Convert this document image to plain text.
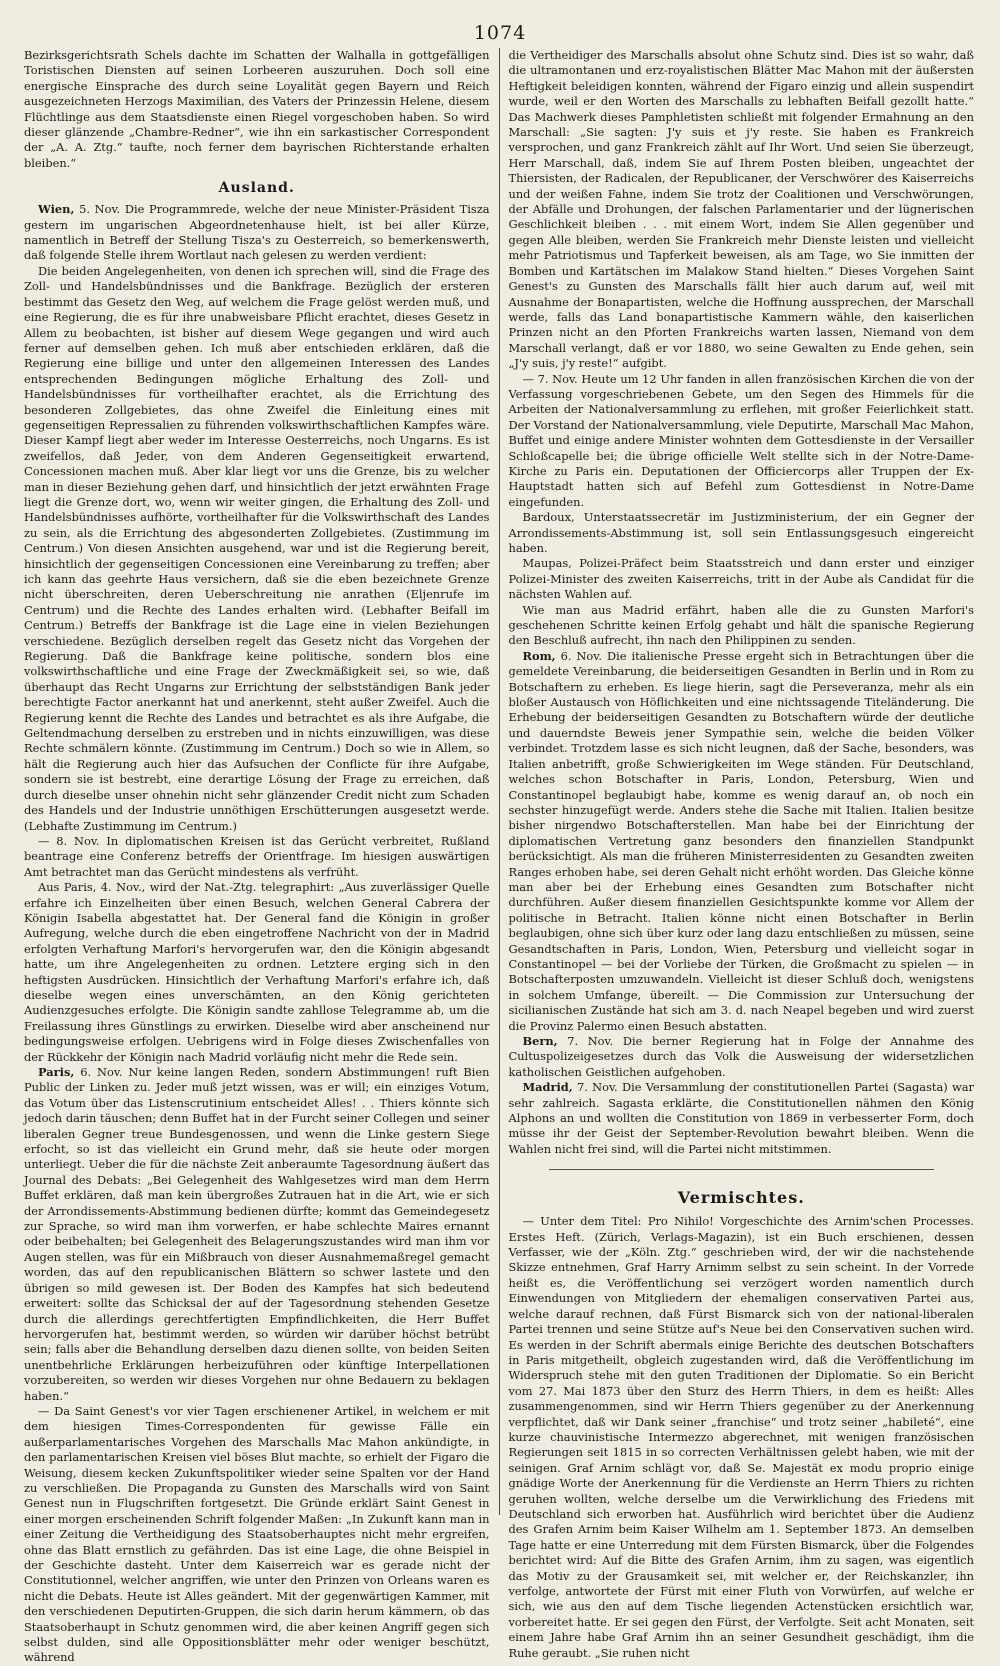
1074

Bezirksgerichtsrath Schels dachte im Schatten der Walhalla in gottgefälligen Toristischen Diensten auf seinen Lorbeeren auszuruhen. Doch soll eine energische Einsprache des durch seine Loyalität gegen Bayern und Reich ausgezeichneten Herzogs Maximilian, des Vaters der Prinzessin Helene, diesem Flüchtlinge aus dem Staatsdienste einen Riegel vorgeschoben haben. So wird dieser glänzende „Chambre-Redner“, wie ihn ein sarkastischer Correspondent der „A. A. Ztg.“ taufte, noch ferner dem bayrischen Richterstande erhalten bleiben.“

Ausland.

Wien, 5. Nov. Die Programmrede, welche der neue Minister-Präsident Tisza gestern im ungarischen Abgeordnetenhause hielt, ist bei aller Kürze, namentlich in Betreff der Stellung Tisza's zu Oesterreich, so bemerkenswerth, daß folgende Stelle ihrem Wortlaut nach gelesen zu werden verdient:

Die beiden Angelegenheiten, von denen ich sprechen will, sind die Frage des Zoll- und Handelsbündnisses und die Bankfrage. Bezüglich der ersteren bestimmt das Gesetz den Weg, auf welchem die Frage gelöst werden muß, und eine Regierung, die es für ihre unabweisbare Pflicht erachtet, dieses Gesetz in Allem zu beobachten, ist bisher auf diesem Wege gegangen und wird auch ferner auf demselben gehen. Ich muß aber entschieden erklären, daß die Regierung eine billige und unter den allgemeinen Interessen des Landes entsprechenden Bedingungen mögliche Erhaltung des Zoll- und Handelsbündnisses für vortheilhafter erachtet, als die Errichtung des besonderen Zollgebietes, das ohne Zweifel die Einleitung eines mit gegenseitigen Repressalien zu führenden volkswirthschaftlichen Kampfes wäre. Dieser Kampf liegt aber weder im Interesse Oesterreichs, noch Ungarns. Es ist zweifellos, daß Jeder, von dem Anderen Gegenseitigkeit erwartend, Concessionen machen muß. Aber klar liegt vor uns die Grenze, bis zu welcher man in dieser Beziehung gehen darf, und hinsichtlich der jetzt erwähnten Frage liegt die Grenze dort, wo, wenn wir weiter gingen, die Erhaltung des Zoll- und Handelsbündnisses aufhörte, vortheilhafter für die Volkswirthschaft des Landes zu sein, als die Errichtung des abgesonderten Zollgebietes. (Zustimmung im Centrum.) Von diesen Ansichten ausgehend, war und ist die Regierung bereit, hinsichtlich der gegenseitigen Concessionen eine Vereinbarung zu treffen; aber ich kann das geehrte Haus versichern, daß sie die eben bezeichnete Grenze nicht überschreiten, deren Ueberschreitung nie anrathen (Eljenrufe im Centrum) und die Rechte des Landes erhalten wird. (Lebhafter Beifall im Centrum.) Betreffs der Bankfrage ist die Lage eine in vielen Beziehungen verschiedene. Bezüglich derselben regelt das Gesetz nicht das Vorgehen der Regierung. Daß die Bankfrage keine politische, sondern blos eine volkswirthschaftliche und eine Frage der Zweckmäßigkeit sei, so wie, daß überhaupt das Recht Ungarns zur Errichtung der selbstständigen Bank jeder berechtigte Factor anerkannt hat und anerkennt, steht außer Zweifel. Auch die Regierung kennt die Rechte des Landes und betrachtet es als ihre Aufgabe, die Geltendmachung derselben zu erstreben und in nichts einzuwilligen, was diese Rechte schmälern könnte. (Zustimmung im Centrum.) Doch so wie in Allem, so hält die Regierung auch hier das Aufsuchen der Conflicte für ihre Aufgabe, sondern sie ist bestrebt, eine derartige Lösung der Frage zu erreichen, daß durch dieselbe unser ohnehin nicht sehr glänzender Credit nicht zum Schaden des Handels und der Industrie unnöthigen Erschütterungen ausgesetzt werde. (Lebhafte Zustimmung im Centrum.)

— 8. Nov. In diplomatischen Kreisen ist das Gerücht verbreitet, Rußland beantrage eine Conferenz betreffs der Orientfrage. Im hiesigen auswärtigen Amt betrachtet man das Gerücht mindestens als verfrüht.

Aus Paris, 4. Nov., wird der Nat.-Ztg. telegraphirt: „Aus zuverlässiger Quelle erfahre ich Einzelheiten über einen Besuch, welchen General Cabrera der Königin Isabella abgestattet hat. Der General fand die Königin in großer Aufregung, welche durch die eben eingetroffene Nachricht von der in Madrid erfolgten Verhaftung Marfori's hervorgerufen war, den die Königin abgesandt hatte, um ihre Angelegenheiten zu ordnen. Letztere erging sich in den heftigsten Ausdrücken. Hinsichtlich der Verhaftung Marfori's erfahre ich, daß dieselbe wegen eines unverschämten, an den König gerichteten Audienzgesuches erfolgte. Die Königin sandte zahllose Telegramme ab, um die Freilassung ihres Günstlings zu erwirken. Dieselbe wird aber anscheinend nur bedingungsweise erfolgen. Uebrigens wird in Folge dieses Zwischenfalles von der Rückkehr der Königin nach Madrid vorläufig nicht mehr die Rede sein.

Paris, 6. Nov. Nur keine langen Reden, sondern Abstimmungen! ruft Bien Public der Linken zu. Jeder muß jetzt wissen, was er will; ein einziges Votum, das Votum über das Listenscrutinium entscheidet Alles! . . Thiers könnte sich jedoch darin täuschen; denn Buffet hat in der Furcht seiner Collegen und seiner liberalen Gegner treue Bundesgenossen, und wenn die Linke gestern Siege erfocht, so ist das vielleicht ein Grund mehr, daß sie heute oder morgen unterliegt. Ueber die für die nächste Zeit anberaumte Tagesordnung äußert das Journal des Debats: „Bei Gelegenheit des Wahlgesetzes wird man dem Herrn Buffet erklären, daß man kein übergroßes Zutrauen hat in die Art, wie er sich der Arrondissements-Abstimmung bedienen dürfte; kommt das Gemeindegesetz zur Sprache, so wird man ihm vorwerfen, er habe schlechte Maires ernannt oder beibehalten; bei Gelegenheit des Belagerungszustandes wird man ihm vor Augen stellen, was für ein Mißbrauch von dieser Ausnahmemaßregel gemacht worden, das auf den republicanischen Blättern so schwer lastete und den übrigen so mild gewesen ist. Der Boden des Kampfes hat sich bedeutend erweitert: sollte das Schicksal der auf der Tagesordnung stehenden Gesetze durch die allerdings gerechtfertigten Empfindlichkeiten, die Herr Buffet hervorgerufen hat, bestimmt werden, so würden wir darüber höchst betrübt sein; falls aber die Behandlung derselben dazu dienen sollte, von beiden Seiten unentbehrliche Erklärungen herbeizuführen oder künftige Interpellationen vorzubereiten, so werden wir dieses Vorgehen nur ohne Bedauern zu beklagen haben.“

— Da Saint Genest's vor vier Tagen erschienener Artikel, in welchem er mit dem hiesigen Times-Correspondenten für gewisse Fälle ein außerparlamentarisches Vorgehen des Marschalls Mac Mahon ankündigte, in den parlamentarischen Kreisen viel böses Blut machte, so erhielt der Figaro die Weisung, diesem kecken Zukunftspolitiker wieder seine Spalten vor der Hand zu verschließen. Die Propaganda zu Gunsten des Marschalls wird von Saint Genest nun in Flugschriften fortgesetzt. Die Gründe erklärt Saint Genest in einer morgen erscheinenden Schrift folgender Maßen: „In Zukunft kann man in einer Zeitung die Vertheidigung des Staatsoberhauptes nicht mehr ergreifen, ohne das Blatt ernstlich zu gefährden. Das ist eine Lage, die ohne Beispiel in der Geschichte dasteht. Unter dem Kaiserreich war es gerade nicht der Constitutionnel, welcher angriffen, wie unter den Prinzen von Orleans waren es nicht die Debats. Heute ist Alles geändert. Mit der gegenwärtigen Kammer, mit den verschiedenen Deputirten-Gruppen, die sich darin herum kämmern, ob das Staatsoberhaupt in Schutz genommen wird, die aber keinen Angriff gegen sich selbst dulden, sind alle Oppositionsblätter mehr oder weniger beschützt, während

die Vertheidiger des Marschalls absolut ohne Schutz sind. Dies ist so wahr, daß die ultramontanen und erz-royalistischen Blätter Mac Mahon mit der äußersten Heftigkeit beleidigen konnten, während der Figaro einzig und allein suspendirt wurde, weil er den Worten des Marschalls zu lebhaften Beifall gezollt hatte.“ Das Machwerk dieses Pamphletisten schließt mit folgender Ermahnung an den Marschall: „Sie sagten: J'y suis et j'y reste. Sie haben es Frankreich versprochen, und ganz Frankreich zählt auf Ihr Wort. Und seien Sie überzeugt, Herr Marschall, daß, indem Sie auf Ihrem Posten bleiben, ungeachtet der Thiersisten, der Radicalen, der Republicaner, der Verschwörer des Kaiserreichs und der weißen Fahne, indem Sie trotz der Coalitionen und Verschwörungen, der Abfälle und Drohungen, der falschen Parlamentarier und der lügnerischen Geschlichkeit bleiben . . . mit einem Wort, indem Sie Allen gegenüber und gegen Alle bleiben, werden Sie Frankreich mehr Dienste leisten und vielleicht mehr Patriotismus und Tapferkeit beweisen, als am Tage, wo Sie inmitten der Bomben und Kartätschen im Malakow Stand hielten.“ Dieses Vorgehen Saint Genest's zu Gunsten des Marschalls fällt hier auch darum auf, weil mit Ausnahme der Bonapartisten, welche die Hoffnung aussprechen, der Marschall werde, falls das Land bonapartistische Kammern wähle, den kaiserlichen Prinzen nicht an den Pforten Frankreichs warten lassen, Niemand von dem Marschall verlangt, daß er vor 1880, wo seine Gewalten zu Ende gehen, sein „J'y suis, j'y reste!“ aufgibt.

— 7. Nov. Heute um 12 Uhr fanden in allen französischen Kirchen die von der Verfassung vorgeschriebenen Gebete, um den Segen des Himmels für die Arbeiten der Nationalversammlung zu erflehen, mit großer Feierlichkeit statt. Der Vorstand der Nationalversammlung, viele Deputirte, Marschall Mac Mahon, Buffet und einige andere Minister wohnten dem Gottesdienste in der Versailler Schloßcapelle bei; die übrige officielle Welt stellte sich in der Notre-Dame-Kirche zu Paris ein. Deputationen der Officiercorps aller Truppen der Ex-Hauptstadt hatten sich auf Befehl zum Gottesdienst in Notre-Dame eingefunden.

Bardoux, Unterstaatssecretär im Justizministerium, der ein Gegner der Arrondissements-Abstimmung ist, soll sein Entlassungsgesuch eingereicht haben.

Maupas, Polizei-Präfect beim Staatsstreich und dann erster und einziger Polizei-Minister des zweiten Kaiserreichs, tritt in der Aube als Candidat für die nächsten Wahlen auf.

Wie man aus Madrid erfährt, haben alle die zu Gunsten Marfori's geschehenen Schritte keinen Erfolg gehabt und hält die spanische Regierung den Beschluß aufrecht, ihn nach den Philippinen zu senden.

Rom, 6. Nov. Die italienische Presse ergeht sich in Betrachtungen über die gemeldete Vereinbarung, die beiderseitigen Gesandten in Berlin und in Rom zu Botschaftern zu erheben. Es liege hierin, sagt die Perseveranza, mehr als ein bloßer Austausch von Höflichkeiten und eine nichtssagende Titeländerung. Die Erhebung der beiderseitigen Gesandten zu Botschaftern würde der deutliche und dauerndste Beweis jener Sympathie sein, welche die beiden Völker verbindet. Trotzdem lasse es sich nicht leugnen, daß der Sache, besonders, was Italien anbetrifft, große Schwierigkeiten im Wege ständen. Für Deutschland, welches schon Botschafter in Paris, London, Petersburg, Wien und Constantinopel beglaubigt habe, komme es wenig darauf an, ob noch ein sechster hinzugefügt werde. Anders stehe die Sache mit Italien. Italien besitze bisher nirgendwo Botschafterstellen. Man habe bei der Einrichtung der diplomatischen Vertretung ganz besonders den finanziellen Standpunkt berücksichtigt. Als man die früheren Ministerresidenten zu Gesandten zweiten Ranges erhoben habe, sei deren Gehalt nicht erhöht worden. Das Gleiche könne man aber bei der Erhebung eines Gesandten zum Botschafter nicht durchführen. Außer diesem finanziellen Gesichtspunkte komme vor Allem der politische in Betracht. Italien könne nicht einen Botschafter in Berlin beglaubigen, ohne sich über kurz oder lang dazu entschließen zu müssen, seine Gesandtschaften in Paris, London, Wien, Petersburg und vielleicht sogar in Constantinopel — bei der Vorliebe der Türken, die Großmacht zu spielen — in Botschafterposten umzuwandeln. Vielleicht ist dieser Schluß doch, wenigstens in solchem Umfange, übereilt. — Die Commission zur Untersuchung der sicilianischen Zustände hat sich am 3. d. nach Neapel begeben und wird zuerst die Provinz Palermo einen Besuch abstatten.

Bern, 7. Nov. Die berner Regierung hat in Folge der Annahme des Cultuspolizeigesetzes durch das Volk die Ausweisung der widersetzlichen katholischen Geistlichen aufgehoben.

Madrid, 7. Nov. Die Versammlung der constitutionellen Partei (Sagasta) war sehr zahlreich. Sagasta erklärte, die Constitutionellen nähmen den König Alphons an und wollten die Constitution von 1869 in verbesserter Form, doch müsse ihr der Geist der September-Revolution bewahrt bleiben. Wenn die Wahlen nicht frei sind, will die Partei nicht mitstimmen.

Vermischtes.

— Unter dem Titel: Pro Nihilo! Vorgeschichte des Arnim'schen Processes. Erstes Heft. (Zürich, Verlags-Magazin), ist ein Buch erschienen, dessen Verfasser, wie der „Köln. Ztg.“ geschrieben wird, der wir die nachstehende Skizze entnehmen, Graf Harry Arnimm selbst zu sein scheint. In der Vorrede heißt es, die Veröffentlichung sei verzögert worden namentlich durch Einwendungen von Mitgliedern der ehemaligen conservativen Partei aus, welche darauf rechnen, daß Fürst Bismarck sich von der national-liberalen Partei trennen und seine Stütze auf's Neue bei den Conservativen suchen wird. Es werden in der Schrift abermals einige Berichte des deutschen Botschafters in Paris mitgetheilt, obgleich zugestanden wird, daß die Veröffentlichung im Widerspruch stehe mit den guten Traditionen der Diplomatie. So ein Bericht vom 27. Mai 1873 über den Sturz des Herrn Thiers, in dem es heißt: Alles zusammengenommen, sind wir Herrn Thiers gegenüber zu der Anerkennung verpflichtet, daß wir Dank seiner „franchise“ und trotz seiner „habileté“, eine kurze chauvinistische Intermezzo abgerechnet, mit wenigen französischen Regierungen seit 1815 in so correcten Verhältnissen gelebt haben, wie mit der seinigen. Graf Arnim schlägt vor, daß Se. Majestät ex modu proprio einige gnädige Worte der Anerkennung für die Verdienste an Herrn Thiers zu richten geruhen wollten, welche derselbe um die Verwirklichung des Friedens mit Deutschland sich erworben hat. Ausführlich wird berichtet über die Audienz des Grafen Arnim beim Kaiser Wilhelm am 1. September 1873. An demselben Tage hatte er eine Unterredung mit dem Fürsten Bismarck, über die Folgendes berichtet wird: Auf die Bitte des Grafen Arnim, ihm zu sagen, was eigentlich das Motiv zu der Grausamkeit sei, mit welcher er, der Reichskanzler, ihn verfolge, antwortete der Fürst mit einer Fluth von Vorwürfen, auf welche er sich, wie aus den auf dem Tische liegenden Actenstücken ersichtlich war, vorbereitet hatte. Er sei gegen den Fürst, der Verfolgte. Seit acht Monaten, seit einem Jahre habe Graf Arnim ihn an seiner Gesundheit geschädigt, ihm die Ruhe geraubt. „Sie ruhen nicht
